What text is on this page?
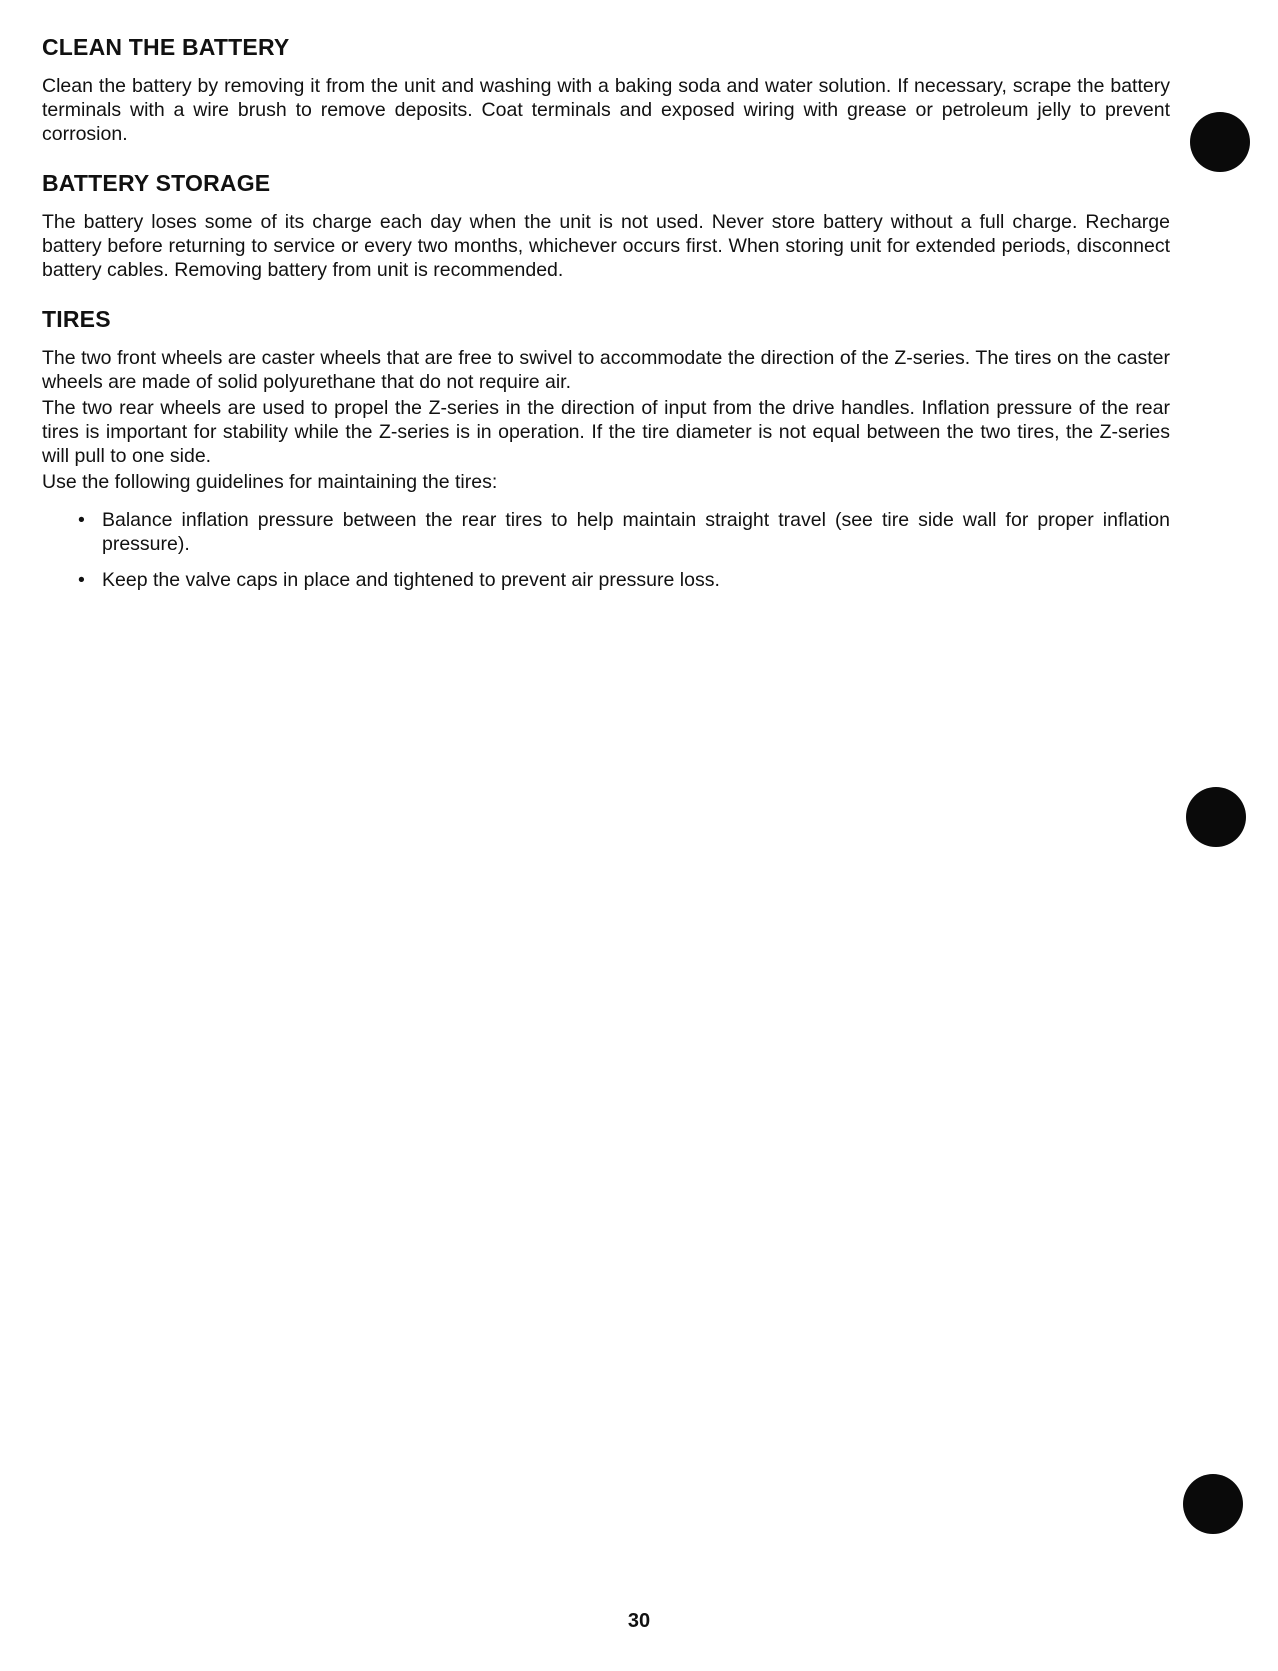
CLEAN THE BATTERY

Clean the battery by removing it from the unit and washing with a baking soda and water solution. If necessary, scrape the battery terminals with a wire brush to remove deposits. Coat terminals and exposed wiring with grease or petroleum jelly to prevent corrosion.

BATTERY STORAGE

The battery loses some of its charge each day when the unit is not used. Never store battery without a full charge. Recharge battery before returning to service or every two months, whichever occurs first. When storing unit for extended periods, disconnect battery cables. Removing battery from unit is recommended.

TIRES

The two front wheels are caster wheels that are free to swivel to accommodate the direction of the Z-series. The tires on the caster wheels are made of solid polyurethane that do not require air.

The two rear wheels are used to propel the Z-series in the direction of input from the drive handles. Inflation pressure of the rear tires is important for stability while the Z-series is in operation. If the tire diameter is not equal between the two tires, the Z-series will pull to one side.

Use the following guidelines for maintaining the tires:

• Balance inflation pressure between the rear tires to help maintain straight travel (see tire side wall for proper inflation pressure).
• Keep the valve caps in place and tightened to prevent air pressure loss.
30
